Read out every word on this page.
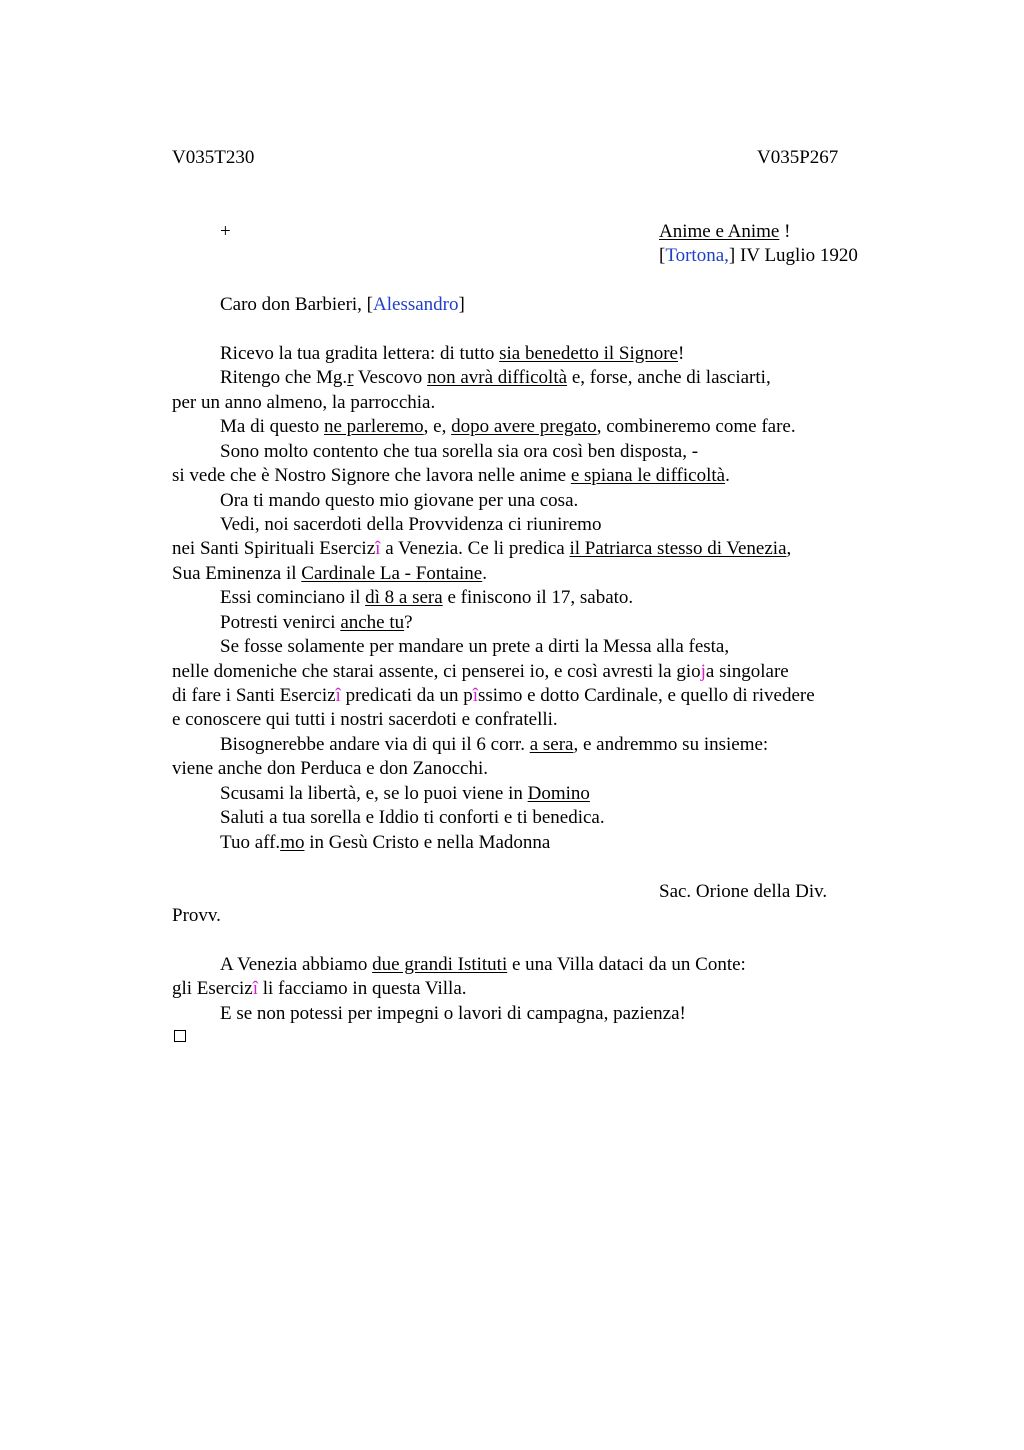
V035T230	V035P267
+	Anime e Anime !
[Tortona,] IV Luglio 1920
Caro don Barbieri, [Alessandro]
Ricevo la tua gradita lettera: di tutto sia benedetto il Signore!
Ritengo che Mg.r Vescovo non avrà difficoltà e, forse, anche di lasciarti,
per un anno almeno, la parrocchia.
Ma di questo ne parleremo, e, dopo avere pregato, combineremo come fare.
Sono molto contento che tua sorella sia ora così ben disposta, -
si vede che è Nostro Signore che lavora nelle anime e spiana le difficoltà.
Ora ti mando questo mio giovane per una cosa.
Vedi, noi sacerdoti della Provvidenza ci riuniremo
nei Santi Spirituali Esercizî a Venezia. Ce li predica il Patriarca stesso di Venezia,
Sua Eminenza il Cardinale La - Fontaine.
Essi cominciano il dì 8 a sera e finiscono il 17, sabato.
Potresti venirci anche tu?
Se fosse solamente per mandare un prete a dirti la Messa alla festa,
nelle domeniche che starai assente, ci penserei io, e così avresti la gioja singolare
di fare i Santi Esercizî predicati da un pîssimo e dotto Cardinale, e quello di rivedere
e conoscere qui tutti i nostri sacerdoti e confratelli.
Bisognerebbe andare via di qui il 6 corr. a sera, e andremmo su insieme:
viene anche don Perduca e don Zanocchi.
Scusami la libertà, e, se lo puoi viene in Domino
Saluti a tua sorella e Iddio ti conforti e ti benedica.
Tuo aff.mo in Gesù Cristo e nella Madonna
Sac. Orione della Div.
Provv.
A Venezia abbiamo due grandi Istituti e una Villa dataci da un Conte:
gli Esercizî li facciamo in questa Villa.
E se non potessi per impegni o lavori di campagna, pazienza!
